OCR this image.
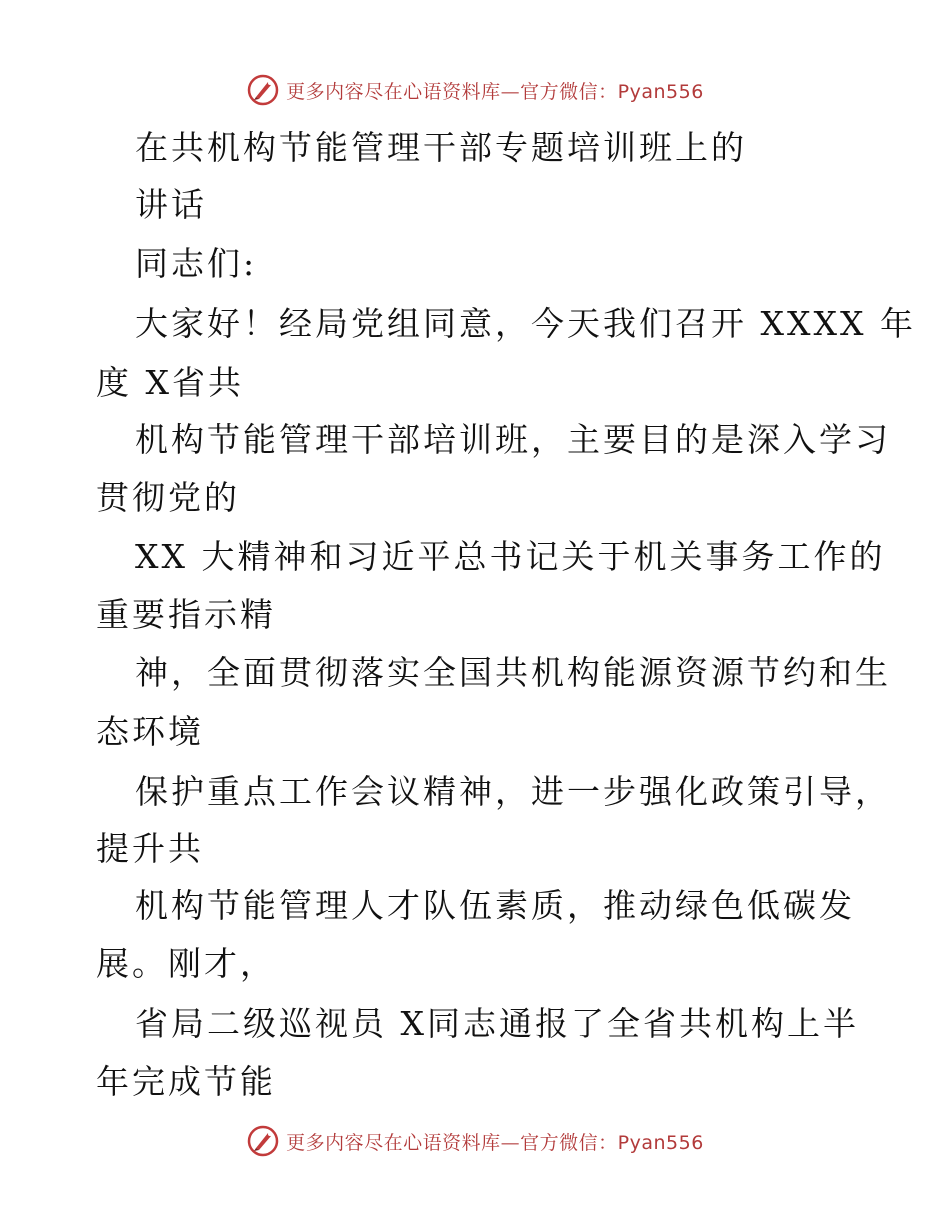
更多内容尽在心语资料库—官方微信：Pyan556
在共机构节能管理干部专题培训班上的
讲话
同志们:
大家好！经局党组同意，今天我们召开 XXXX 年
度 X省共
机构节能管理干部培训班，主要目的是深入学习
贯彻党的
XX 大精神和习近平总书记关于机关事务工作的
重要指示精
神，全面贯彻落实全国共机构能源资源节约和生
态环境
保护重点工作会议精神，进一步强化政策引导，
提升共
机构节能管理人才队伍素质，推动绿色低碳发
展。刚才，
省局二级巡视员 X同志通报了全省共机构上半
年完成节能
更多内容尽在心语资料库—官方微信：Pyan556
